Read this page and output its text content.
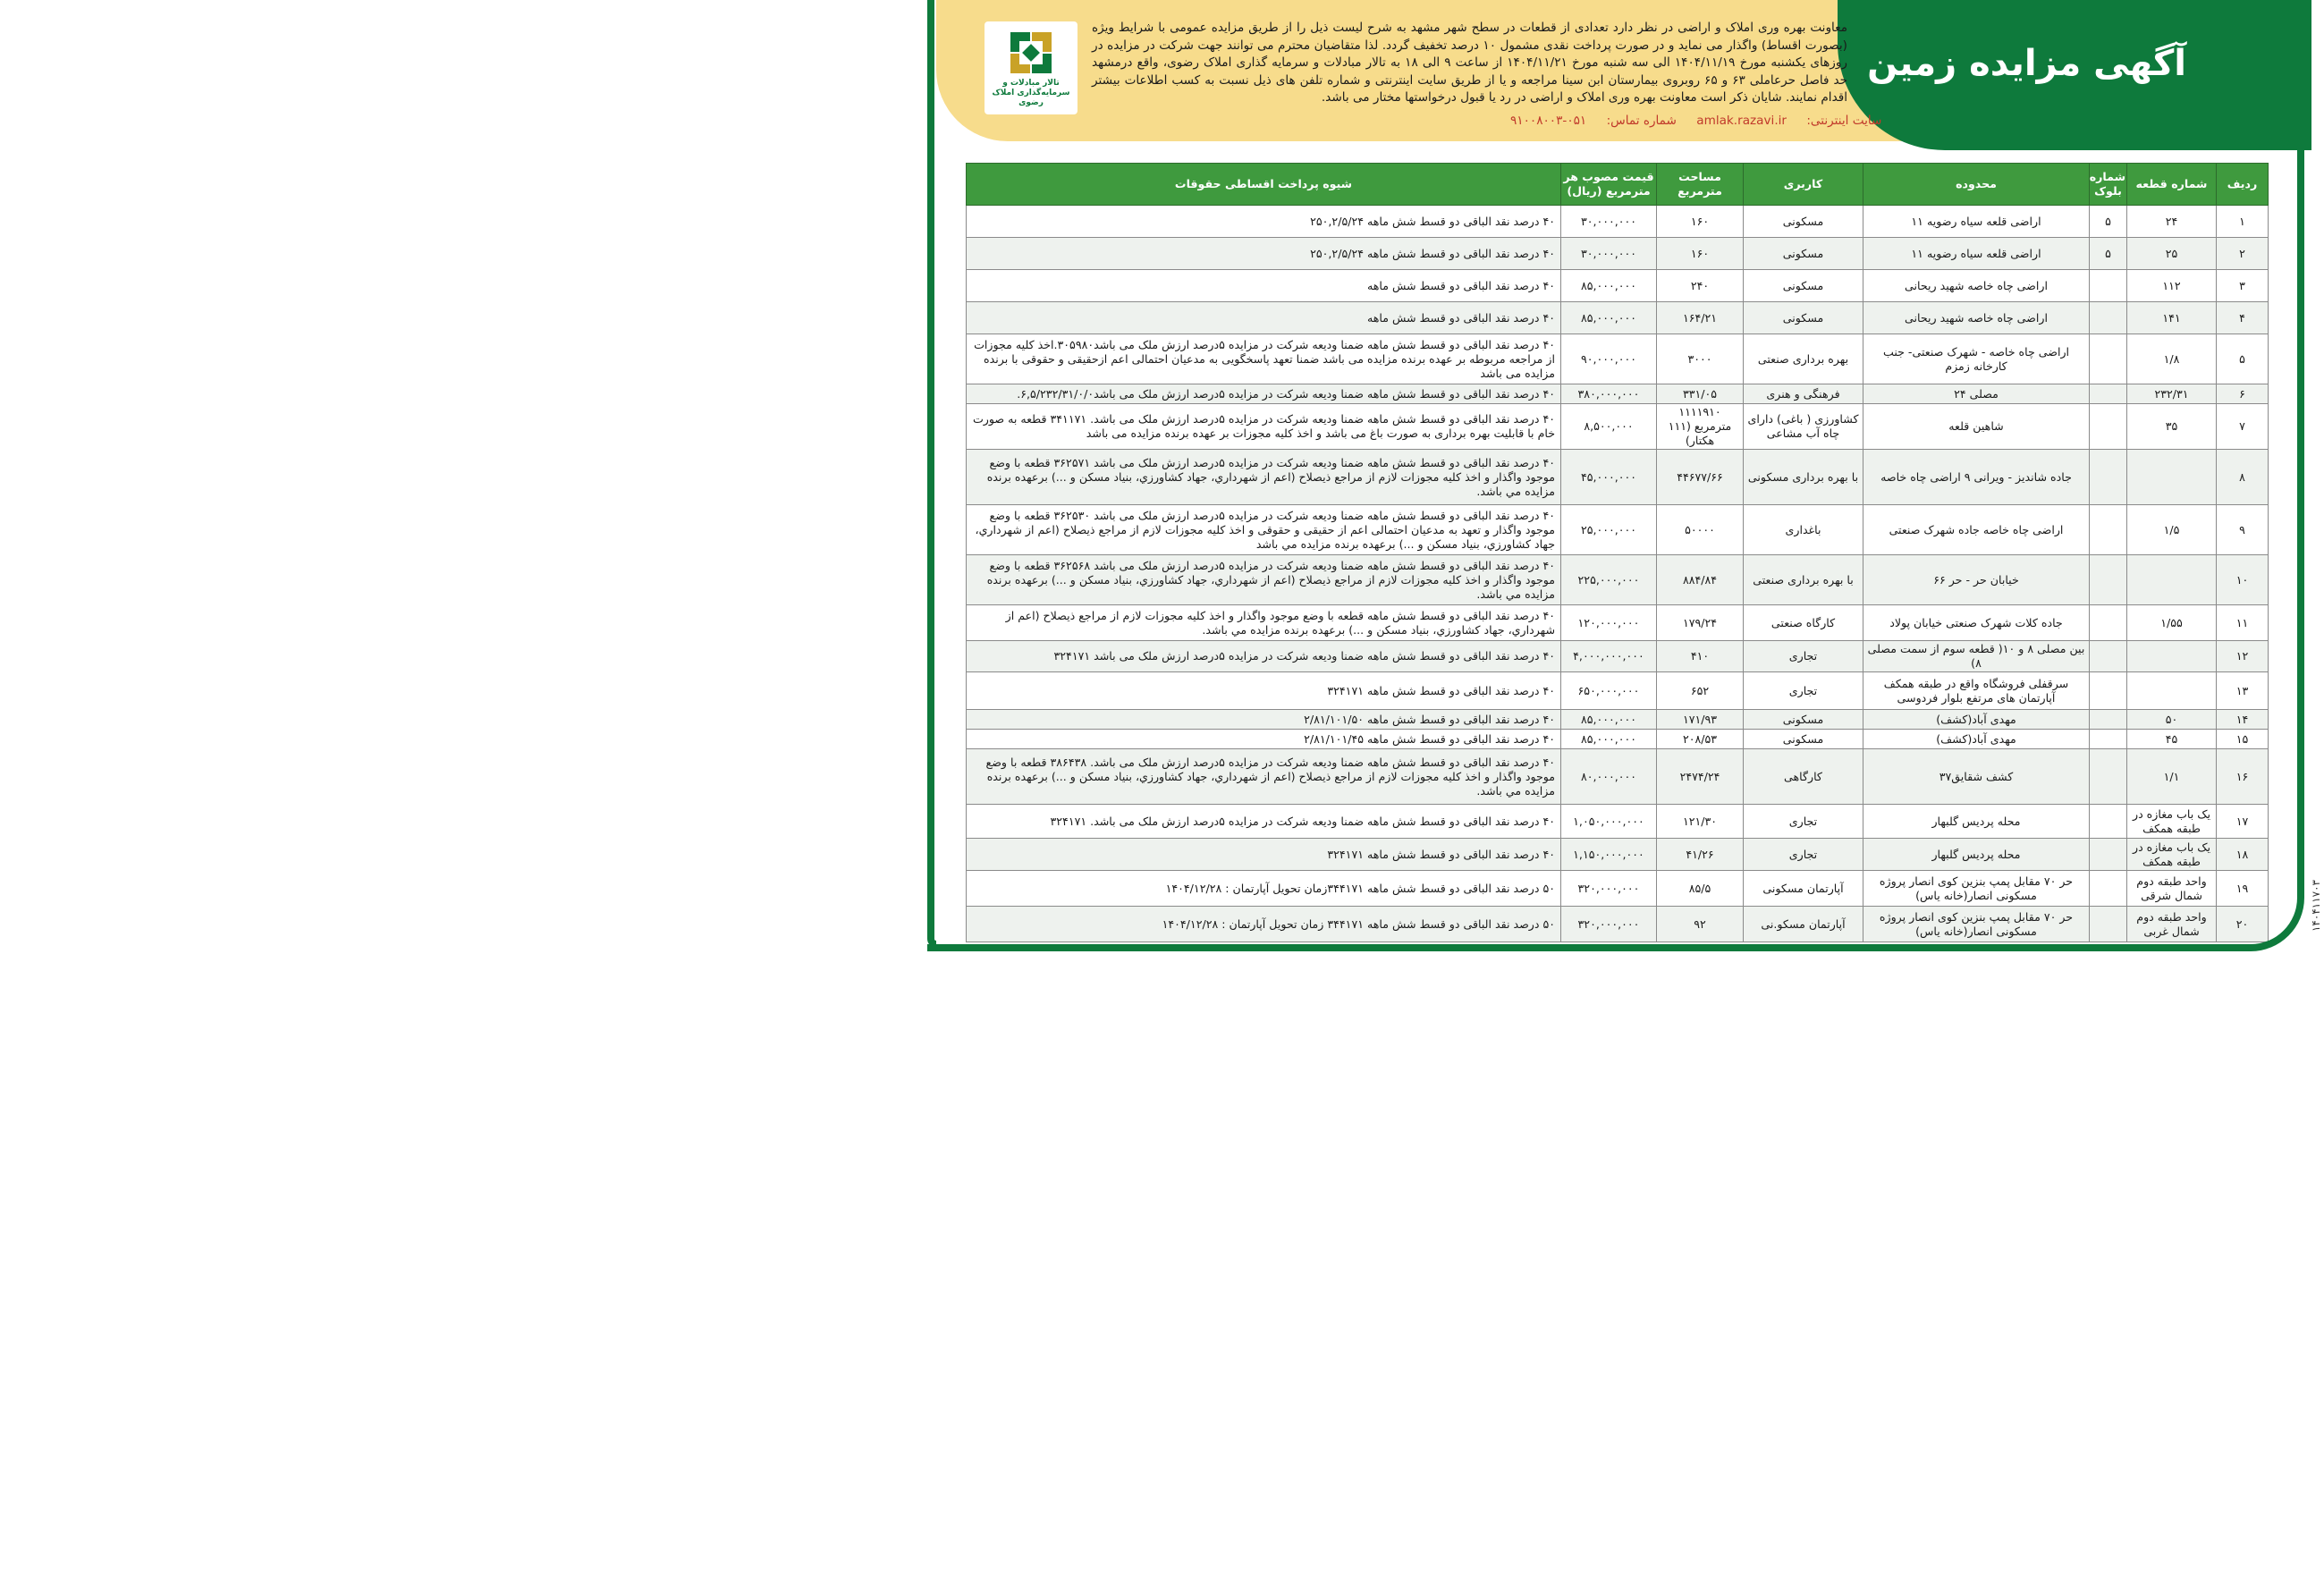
آگهی مزایده زمین
تالار مبادلات و
سرمایه‌گذاری املاک رضوی
معاونت بهره وری املاک و اراضی در نظر دارد تعدادی از قطعات در سطح شهر مشهد به شرح لیست ذیل را از طریق مزایده عمومی با شرایط ویژه (بصورت اقساط) واگذار می نماید و در صورت پرداخت نقدی مشمول ۱۰ درصد تخفیف گردد. لذا متقاضیان محترم می توانند جهت شرکت در مزایده در روزهای یکشنبه مورخ ۱۴۰۴/۱۱/۱۹ الی سه شنبه مورخ ۱۴۰۴/۱۱/۲۱ از ساعت ۹ الی ۱۸ به تالار مبادلات و سرمایه گذاری املاک رضوی، واقع درمشهد حد فاصل حرعاملی ۶۳ و ۶۵ روبروی بیمارستان ابن سینا مراجعه و یا از طریق سایت اینترنتی و شماره تلفن های ذیل نسبت به کسب اطلاعات بیشتر اقدام نمایند. شایان ذکر است معاونت بهره وری املاک و اراضی در رد یا قبول درخواستها مختار می باشد.
سایت اینترنتی: amlak.razavi.ir شماره تماس: ۰۵۱-۹۱۰۰۸۰۰۳
ردیف	شماره قطعه	شماره بلوک	محدوده	کاربری	مساحت مترمربع	قیمت مصوب هر مترمربع (ریال)	شیوه پرداخت اقساطی حقوقات
۱	۲۴	۵	اراضی قلعه سیاه رضویه ۱۱	مسکونی	۱۶۰	۳۰,۰۰۰,۰۰۰	۴۰ درصد نقد الباقی دو قسط شش ماهه ۲۵۰,۲/۵/۲۴
۲	۲۵	۵	اراضی قلعه سیاه رضویه ۱۱	مسکونی	۱۶۰	۳۰,۰۰۰,۰۰۰	۴۰ درصد نقد الباقی دو قسط شش ماهه ۲۵۰,۲/۵/۲۴
۳	۱۱۲		اراضی چاه خاصه شهید ریحانی	مسکونی	۲۴۰	۸۵,۰۰۰,۰۰۰	۴۰ درصد نقد الباقی دو قسط شش ماهه
۴	۱۴۱		اراضی چاه خاصه شهید ریحانی	مسکونی	۱۶۴/۲۱	۸۵,۰۰۰,۰۰۰	۴۰ درصد نقد الباقی دو قسط شش ماهه
۵	۱/۸		اراضی چاه خاصه - شهرک صنعتی- جنب کارخانه زمزم	بهره برداری صنعتی	۳۰۰۰	۹۰,۰۰۰,۰۰۰	۴۰ درصد نقد الباقی دو قسط شش ماهه ضمنا ودیعه شرکت در مزایده ۵درصد ارزش ملک می باشد۳۰۵۹۸۰.اخذ کلیه مجوزات از مراجعه مربوطه بر عهده برنده مزایده می باشد ضمنا تعهد پاسخگویی به مدعیان احتمالی اعم ازحقیقی و حقوقی با برنده مزایده می باشد
۶	۲۳۲/۳۱		مصلی ۲۴	فرهنگی و هنری	۳۳۱/۰۵	۳۸۰,۰۰۰,۰۰۰	۴۰ درصد نقد الباقی دو قسط شش ماهه ضمنا ودیعه شرکت در مزایده ۵درصد ارزش ملک می باشد۶,۵/۲۳۲/۳۱/۰/۰.
۷	۳۵		شاهین قلعه	کشاورزی ( باغی) دارای چاه آب مشاعی	۱۱۱۱۹۱۰ مترمربع (۱۱۱ هکتار)	۸,۵۰۰,۰۰۰	۴۰ درصد نقد الباقی دو قسط شش ماهه ضمنا ودیعه شرکت در مزایده ۵درصد ارزش ملک می باشد. ۳۴۱۱۷۱ قطعه به صورت خام با قابلیت بهره برداری به صورت باغ می باشد و اخذ کلیه مجوزات بر عهده برنده مزایده می باشد
۸			جاده شاندیز - ویرانی ۹ اراضی چاه خاصه	با بهره برداری مسکونی	۴۴۶۷۷/۶۶	۴۵,۰۰۰,۰۰۰	۴۰ درصد نقد الباقی دو قسط شش ماهه ضمنا ودیعه شرکت در مزایده ۵درصد ارزش ملک می باشد ۳۶۲۵۷۱ قطعه با وضع موجود واگذار و اخذ کلیه مجوزات لازم از مراجع ذیصلاح (اعم از شهرداري، جهاد کشاورزي، بنیاد مسکن و ...) برعهده برنده مزایده مي باشد.
۹	۱/۵		اراضی چاه خاصه جاده شهرک صنعتی	باغداری	۵۰۰۰۰	۲۵,۰۰۰,۰۰۰	۴۰ درصد نقد الباقی دو قسط شش ماهه ضمنا ودیعه شرکت در مزایده ۵درصد ارزش ملک می باشد ۳۶۲۵۳۰ قطعه با وضع موجود واگذار و تعهد به مدعیان احتمالی اعم از حقیقی و حقوقی و اخذ کلیه مجوزات لازم از مراجع ذیصلاح (اعم از شهرداري، جهاد کشاورزي، بنیاد مسکن و ...) برعهده برنده مزایده مي باشد
۱۰			خیابان حر - حر ۶۶	با بهره برداری صنعتی	۸۸۴/۸۴	۲۲۵,۰۰۰,۰۰۰	۴۰ درصد نقد الباقی دو قسط شش ماهه ضمنا ودیعه شرکت در مزایده ۵درصد ارزش ملک می باشد ۳۶۲۵۶۸ قطعه با وضع موجود واگذار و اخذ کلیه مجوزات لازم از مراجع ذیصلاح (اعم از شهرداري، جهاد کشاورزي، بنیاد مسکن و ...) برعهده برنده مزایده مي باشد.
۱۱	۱/۵۵		جاده کلات شهرک صنعتی خیابان پولاد	کارگاه صنعتی	۱۷۹/۲۴	۱۲۰,۰۰۰,۰۰۰	۴۰ درصد نقد الباقی دو قسط شش ماهه قطعه با وضع موجود واگذار و اخذ کلیه مجوزات لازم از مراجع ذیصلاح (اعم از شهرداري، جهاد کشاورزي، بنیاد مسکن و ...) برعهده برنده مزایده مي باشد.
۱۲			بین مصلی ۸ و ۱۰( قطعه سوم از سمت مصلی ۸)	تجاری	۴۱۰	۴,۰۰۰,۰۰۰,۰۰۰	۴۰ درصد نقد الباقی دو قسط شش ماهه ضمنا ودیعه شرکت در مزایده ۵درصد ارزش ملک می باشد ۳۲۴۱۷۱
۱۳			سرقفلی فروشگاه واقع در طبقه همکف آپارتمان های مرتفع بلوار فردوسی	تجاری	۶۵۲	۶۵۰,۰۰۰,۰۰۰	۴۰ درصد نقد الباقی دو قسط شش ماهه ۳۲۴۱۷۱
۱۴	۵۰		مهدی آباد(کشف)	مسکونی	۱۷۱/۹۳	۸۵,۰۰۰,۰۰۰	۴۰ درصد نقد الباقی دو قسط شش ماهه ۲/۸۱/۱۰۱/۵۰
۱۵	۴۵		مهدی آباد(کشف)	مسکونی	۲۰۸/۵۳	۸۵,۰۰۰,۰۰۰	۴۰ درصد نقد الباقی دو قسط شش ماهه ۲/۸۱/۱۰۱/۴۵
۱۶	۱/۱		کشف شقایق۳۷	کارگاهی	۲۴۷۴/۲۴	۸۰,۰۰۰,۰۰۰	۴۰ درصد نقد الباقی دو قسط شش ماهه ضمنا ودیعه شرکت در مزایده ۵درصد ارزش ملک می باشد. ۳۸۶۴۳۸ قطعه با وضع موجود واگذار و اخذ کلیه مجوزات لازم از مراجع ذیصلاح (اعم از شهرداري، جهاد کشاورزي، بنیاد مسکن و ...) برعهده برنده مزایده مي باشد.
۱۷	یک باب مغازه در طبقه همکف		محله پردیس گلبهار	تجاری	۱۲۱/۳۰	۱,۰۵۰,۰۰۰,۰۰۰	۴۰ درصد نقد الباقی دو قسط شش ماهه ضمنا ودیعه شرکت در مزایده ۵درصد ارزش ملک می باشد. ۳۲۴۱۷۱
۱۸	یک باب مغازه در طبقه همکف		محله پردیس گلبهار	تجاری	۴۱/۲۶	۱,۱۵۰,۰۰۰,۰۰۰	۴۰ درصد نقد الباقی دو قسط شش ماهه ۳۲۴۱۷۱
۱۹	واحد طبقه دوم شمال شرقی		حر ۷۰ مقابل پمپ بنزین کوی انصار پروژه مسکونی انصار(خانه یاس)	آپارتمان مسکونی	۸۵/۵	۳۲۰,۰۰۰,۰۰۰	۵۰ درصد نقد الباقی دو قسط شش ماهه ۳۴۴۱۷۱زمان تحویل آپارتمان : ۱۴۰۴/۱۲/۲۸
۲۰	واحد طبقه دوم شمال غربی		حر ۷۰ مقابل پمپ بنزین کوی انصار پروژه مسکونی انصار(خانه یاس)	آپارتمان مسکو.نی	۹۲	۳۲۰,۰۰۰,۰۰۰	۵۰ درصد نقد الباقی دو قسط شش ماهه ۳۴۴۱۷۱ زمان تحویل آپارتمان : ۱۴۰۴/۱۲/۲۸	۱۴۰۴۱۱۷۰۳
